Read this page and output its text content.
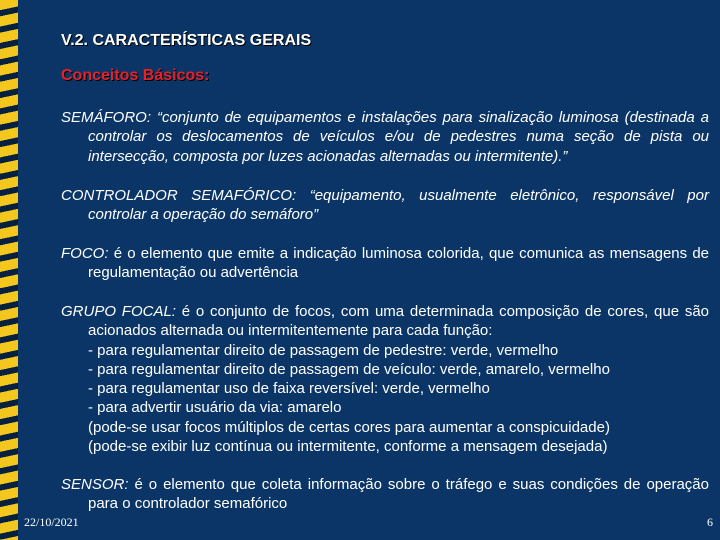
V.2. CARACTERÍSTICAS GERAIS
Conceitos Básicos:
SEMÁFORO: “conjunto de equipamentos e instalações para sinalização luminosa (destinada a controlar os deslocamentos de veículos e/ou de pedestres numa seção de pista ou intersecção, composta por luzes acionadas alternadas ou intermitente).”
CONTROLADOR SEMAFÓRICO: “equipamento, usualmente eletrônico, responsável por controlar a operação do semáforo”
FOCO: é o elemento que emite a indicação luminosa colorida, que comunica as mensagens de regulamentação ou advertência
GRUPO FOCAL: é o conjunto de focos, com uma determinada composição de cores, que são acionados alternada ou intermitentemente para cada função:
- para regulamentar direito de passagem de pedestre: verde, vermelho
- para regulamentar direito de passagem de veículo: verde, amarelo, vermelho
- para regulamentar uso de faixa reversível: verde, vermelho
- para advertir usuário da via: amarelo
(pode-se usar focos múltiplos de certas cores para aumentar a conspicuidade)
(pode-se exibir luz contínua ou intermitente, conforme a mensagem desejada)
SENSOR: é o elemento que coleta informação sobre o tráfego e suas condições de operação para o controlador semafórico
22/10/2021	6
